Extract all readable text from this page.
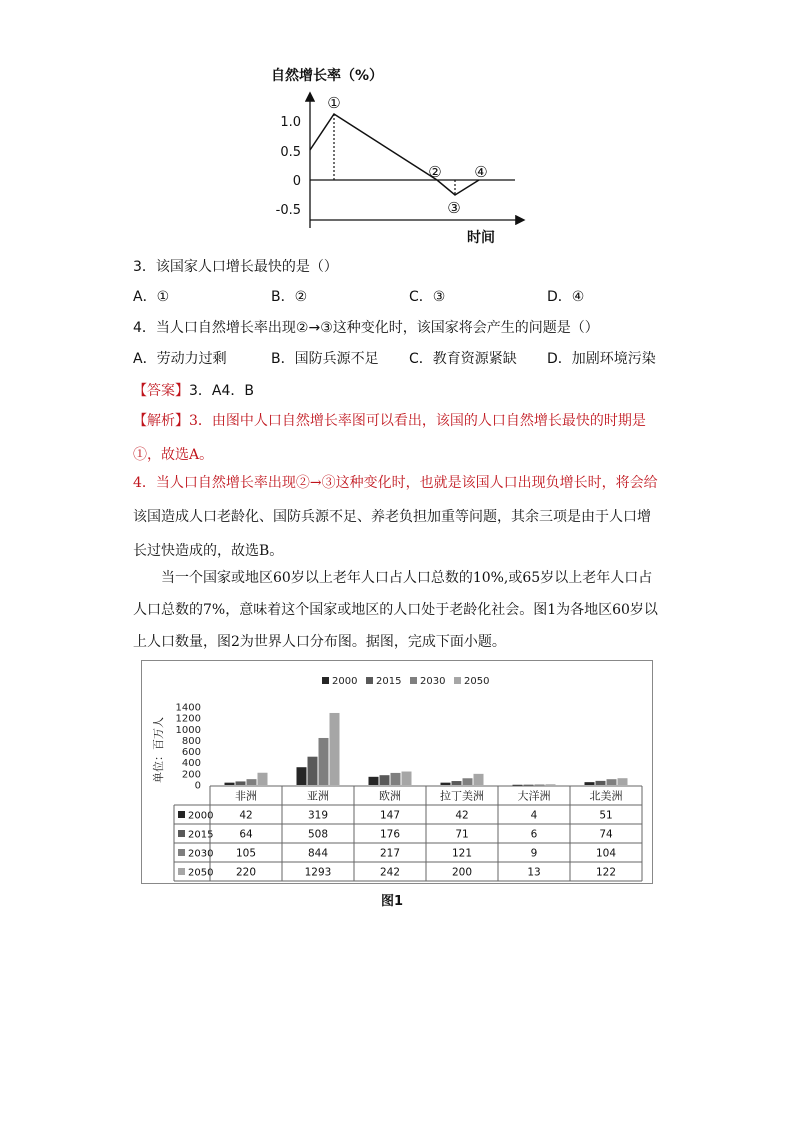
自然增长率（%）
1.0
0.5
0
-0.5
①
②
③
④
时间
3．该国家人口增长最快的是（）
A．①	B．②	C．③	D．④
4．当人口自然增长率出现②→③这种变化时，该国家将会产生的问题是（）
A．劳动力过剩	B．国防兵源不足 C．教育资源紧缺 D．加剧环境污染
【答案】3．A4．B
【解析】3．由图中人口自然增长率图可以看出，该国的人口自然增长最快的时期是①，故选A。
4．当人口自然增长率出现②→③这种变化时，也就是该国人口出现负增长时，将会给该国造成人口老龄化、国防兵源不足、养老负担加重等问题，其余三项是由于人口增长过快造成的，故选B。
当一个国家或地区60岁以上老年人口占人口总数的10%,或65岁以上老年人口占人口总数的7%，意味着这个国家或地区的人口处于老龄化社会。图1为各地区60岁以上人口数量，图2为世界人口分布图。据图，完成下面小题。
2000 2015 2030 2050
1400
1200
1000
800
600
400
200
0
单位：百万人
非洲	亚洲	欧洲	拉丁美洲	大洋洲	北美洲
2000 42	319	147	42	4	51
2015 64	508	176	71	6	74
2030 105	844	217	121	9	104
2050 220	1293	242	200	13	122
图1
